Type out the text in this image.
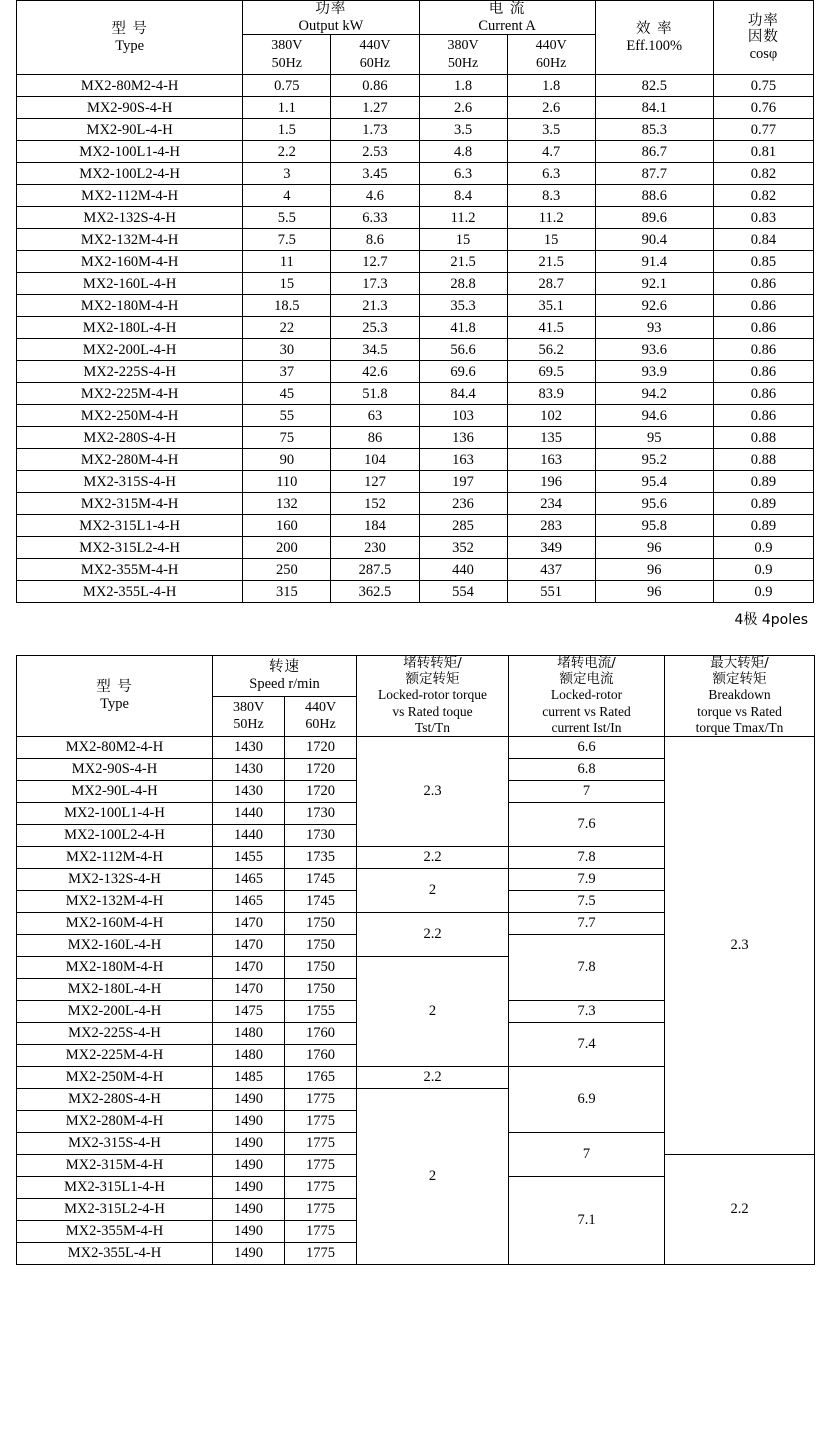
型 号
Type

功率
Output kW

电 流
Current A	效 率
Eff.100%

功率
因数
cosφ

380V
50Hz

440V
60Hz

380V
50Hz

440V
60Hz

MX2-80M2-4-H	0.75	0.86	1.8	1.8	82.5	0.75
MX2-90S-4-H	1.1	1.27	2.6	2.6	84.1	0.76
MX2-90L-4-H	1.5	1.73	3.5	3.5	85.3	0.77
MX2-100L1-4-H	2.2	2.53	4.8	4.7	86.7	0.81
MX2-100L2-4-H	3	3.45	6.3	6.3	87.7	0.82
MX2-112M-4-H	4	4.6	8.4	8.3	88.6	0.82
MX2-132S-4-H	5.5	6.33	11.2	11.2	89.6	0.83
MX2-132M-4-H	7.5	8.6	15	15	90.4	0.84
MX2-160M-4-H	11	12.7	21.5	21.5	91.4	0.85
MX2-160L-4-H	15	17.3	28.8	28.7	92.1	0.86
MX2-180M-4-H	18.5	21.3	35.3	35.1	92.6	0.86
MX2-180L-4-H	22	25.3	41.8	41.5	93	0.86
MX2-200L-4-H	30	34.5	56.6	56.2	93.6	0.86
MX2-225S-4-H	37	42.6	69.6	69.5	93.9	0.86
MX2-225M-4-H	45	51.8	84.4	83.9	94.2	0.86
MX2-250M-4-H	55	63	103	102	94.6	0.86
MX2-280S-4-H	75	86	136	135	95	0.88
MX2-280M-4-H	90	104	163	163	95.2	0.88
MX2-315S-4-H	110	127	197	196	95.4	0.89
MX2-315M-4-H	132	152	236	234	95.6	0.89
MX2-315L1-4-H	160	184	285	283	95.8	0.89
MX2-315L2-4-H	200	230	352	349	96	0.9
MX2-355M-4-H	250	287.5	440	437	96	0.9
MX2-355L-4-H	315	362.5	554	551	96	0.9
4极 4poles
型 号
Type

转速
Speed r/min

堵转转矩/
额定转矩
Locked-rotor torque
vs Rated toque
Tst/Tn

堵转电流/
额定电流
Locked-rotor
current vs Rated
current Ist/In

最大转矩/
额定转矩
Breakdown
torque vs Rated
torque Tmax/Tn

380V
50Hz

440V
60Hz

MX2-80M2-4-H	1430	1720	2.3	6.6	2.3
MX2-90S-4-H	1430	1720		6.8	
MX2-90L-4-H	1430	1720		7	
MX2-100L1-4-H	1440	1730		7.6	
MX2-100L2-4-H	1440	1730			
MX2-112M-4-H	1455	1735	2.2	7.8	
MX2-132S-4-H	1465	1745	2	7.9	
MX2-132M-4-H	1465	1745		7.5	
MX2-160M-4-H	1470	1750	2.2	7.7	
MX2-160L-4-H	1470	1750		7.8	
MX2-180M-4-H	1470	1750	2		
MX2-180L-4-H	1470	1750			
MX2-200L-4-H	1475	1755		7.3	
MX2-225S-4-H	1480	1760		7.4	
MX2-225M-4-H	1480	1760			
MX2-250M-4-H	1485	1765	2.2	6.9	
MX2-280S-4-H	1490	1775	2		
MX2-280M-4-H	1490	1775			
MX2-315S-4-H	1490	1775		7	
MX2-315M-4-H	1490	1775			2.2
MX2-315L1-4-H	1490	1775		7.1	
MX2-315L2-4-H	1490	1775			
MX2-355M-4-H	1490	1775			
MX2-355L-4-H	1490	1775			
